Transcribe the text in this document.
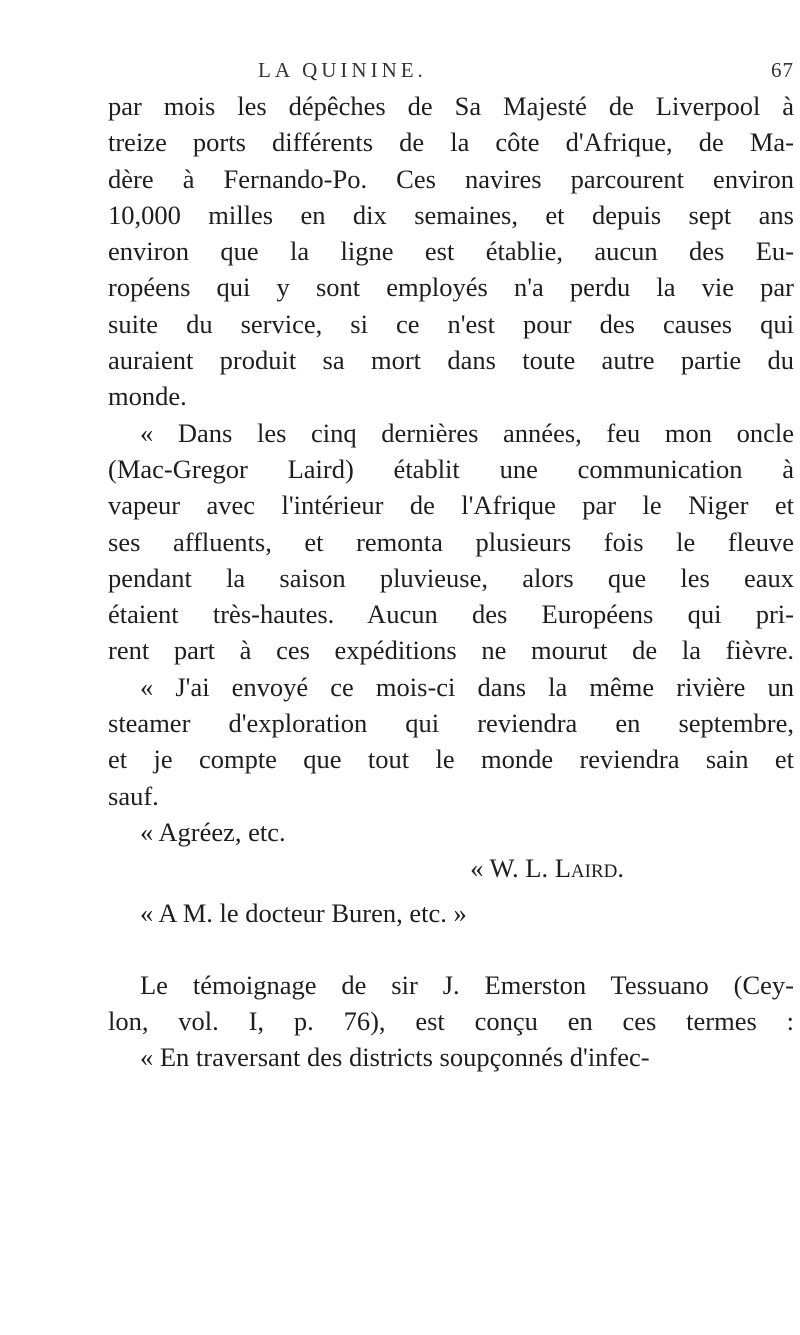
LA QUININE.	67
par mois les dépêches de Sa Majesté de Liverpool à
treize ports différents de la côte d'Afrique, de Ma-
dère à Fernando-Po. Ces navires parcourent environ
10,000 milles en dix semaines, et depuis sept ans
environ que la ligne est établie, aucun des Eu-
ropéens qui y sont employés n'a perdu la vie par
suite du service, si ce n'est pour des causes qui
auraient produit sa mort dans toute autre partie du
monde.
« Dans les cinq dernières années, feu mon oncle
(Mac-Gregor Laird) établit une communication à
vapeur avec l'intérieur de l'Afrique par le Niger et
ses affluents, et remonta plusieurs fois le fleuve
pendant la saison pluvieuse, alors que les eaux
étaient très-hautes. Aucun des Européens qui pri-
rent part à ces expéditions ne mourut de la fièvre.
« J'ai envoyé ce mois-ci dans la même rivière un
steamer d'exploration qui reviendra en septembre,
et je compte que tout le monde reviendra sain et
sauf.
« Agréez, etc.
« W. L. Laird.
« A M. le docteur Buren, etc. »
Le témoignage de sir J. Emerston Tessuano (Cey-
lon, vol. I, p. 76), est conçu en ces termes :
« En traversant des districts soupçonnés d'infec-
